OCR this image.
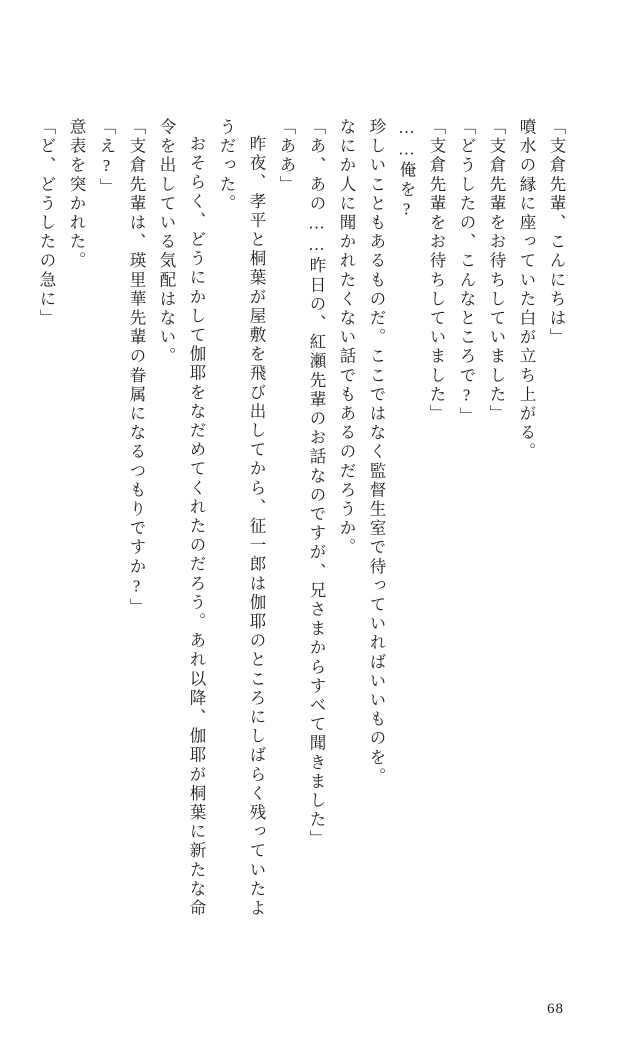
「支倉先輩、こんにちは」
噴水の縁に座っていた白が立ち上がる。
「支倉先輩をお待ちしていました」
「どうしたの、こんなところで?」
「支倉先輩をお待ちしていました」
……俺を?
珍しいこともあるものだ。ここではなく監督生室で待っていればいいものを。
なにか人に聞かれたくない話でもあるのだろうか。
「あ、あの……昨日の、紅瀬先輩のお話なのですが、兄さまからすべて聞きました」
「ああ」
昨夜、孝平と桐葉が屋敷を飛び出してから、征一郎は伽耶のところにしばらく残っていたよ
うだった。
おそらく、どうにかして伽耶をなだめてくれたのだろう。あれ以降、伽耶が桐葉に新たな命
令を出している気配はない。
「支倉先輩は、瑛里華先輩の眷属になるつもりですか?」
「え?」
意表を突かれた。
「ど、どうしたの急に」
68
